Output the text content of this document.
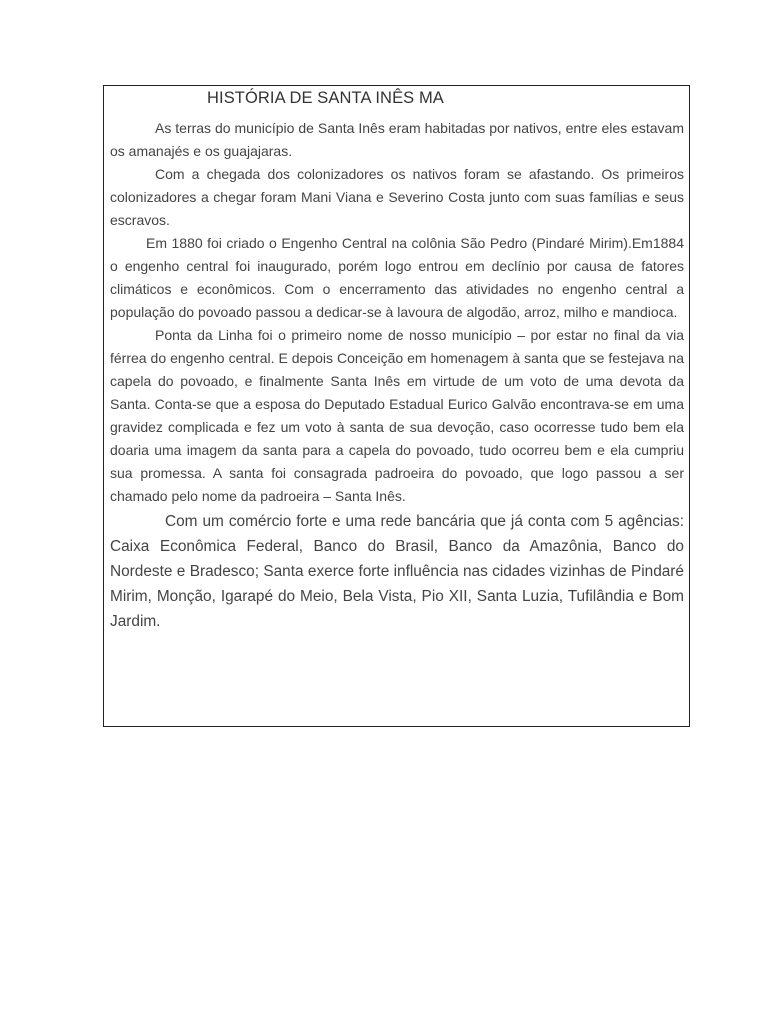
HISTÓRIA DE SANTA INÊS MA

As terras do município de Santa Inês eram habitadas por nativos, entre eles estavam os amanajés e os guajajaras.

Com a chegada dos colonizadores os nativos foram se afastando. Os primeiros colonizadores a chegar foram Mani Viana e Severino Costa junto com suas famílias e seus escravos.

Em 1880 foi criado o Engenho Central na colônia São Pedro (Pindaré Mirim).Em1884 o engenho central foi inaugurado, porém logo entrou em declínio por causa de fatores climáticos e econômicos. Com o encerramento das atividades no engenho central a população do povoado passou a dedicar-se à lavoura de algodão, arroz, milho e mandioca.

Ponta da Linha foi o primeiro nome de nosso município – por estar no final da via férrea do engenho central. E depois Conceição em homenagem à santa que se festejava na capela do povoado, e finalmente Santa Inês em virtude de um voto de uma devota da Santa. Conta-se que a esposa do Deputado Estadual Eurico Galvão encontrava-se em uma gravidez complicada e fez um voto à santa de sua devoção, caso ocorresse tudo bem ela doaria uma imagem da santa para a capela do povoado, tudo ocorreu bem e ela cumpriu sua promessa. A santa foi consagrada padroeira do povoado, que logo passou a ser chamado pelo nome da padroeira – Santa Inês.

Com um comércio forte e uma rede bancária que já conta com 5 agências: Caixa Econômica Federal, Banco do Brasil, Banco da Amazônia, Banco do Nordeste e Bradesco; Santa exerce forte influência nas cidades vizinhas de Pindaré Mirim, Monção, Igarapé do Meio, Bela Vista, Pio XII, Santa Luzia, Tufilândia e Bom Jardim.
